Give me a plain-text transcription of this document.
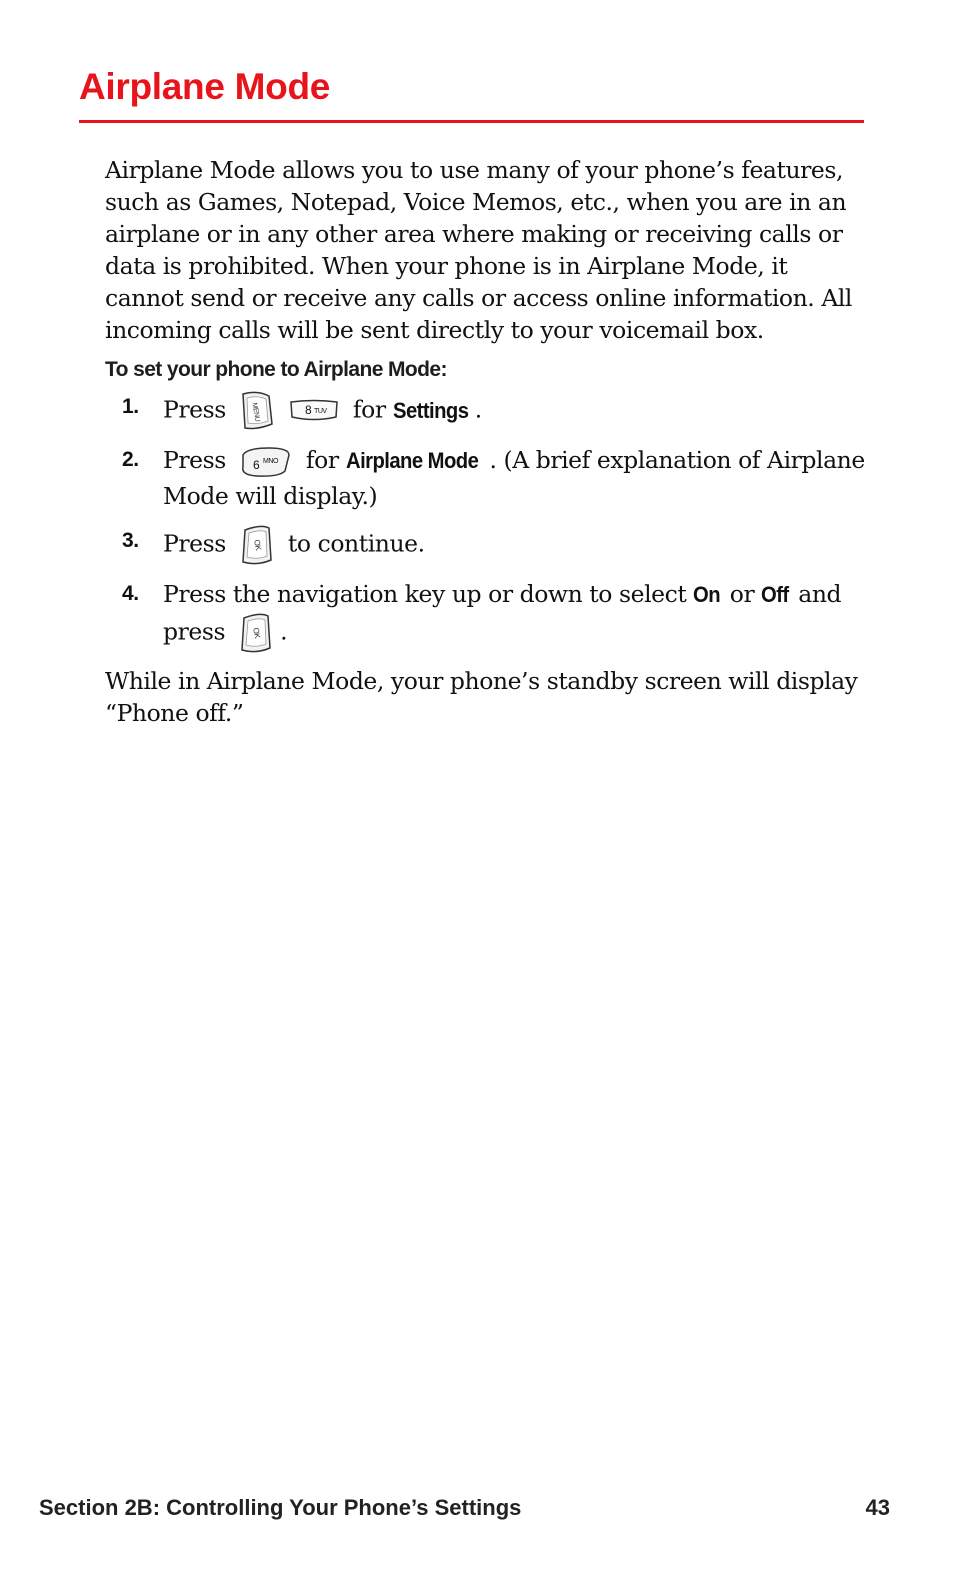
Airplane Mode

Airplane Mode allows you to use many of your phone’s features, such as Games, Notepad, Voice Memos, etc., when you are in an airplane or in any other area where making or receiving calls or data is prohibited. When your phone is in Airplane Mode, it cannot send or receive any calls or access online information. All incoming calls will be sent directly to your voicemail box.

To set your phone to Airplane Mode:

1. Press	MENU
	8 TUV for Settings .
2. Press 6 MNO for Airplane Mode . (A brief explanation of Airplane Mode will display.)
3. Press	OK to continue.
4. Press the navigation key up or down to select On or Off and press	OK .

While in Airplane Mode, your phone’s standby screen will display “Phone off.”

Section 2B: Controlling Your Phone’s Settings	43
